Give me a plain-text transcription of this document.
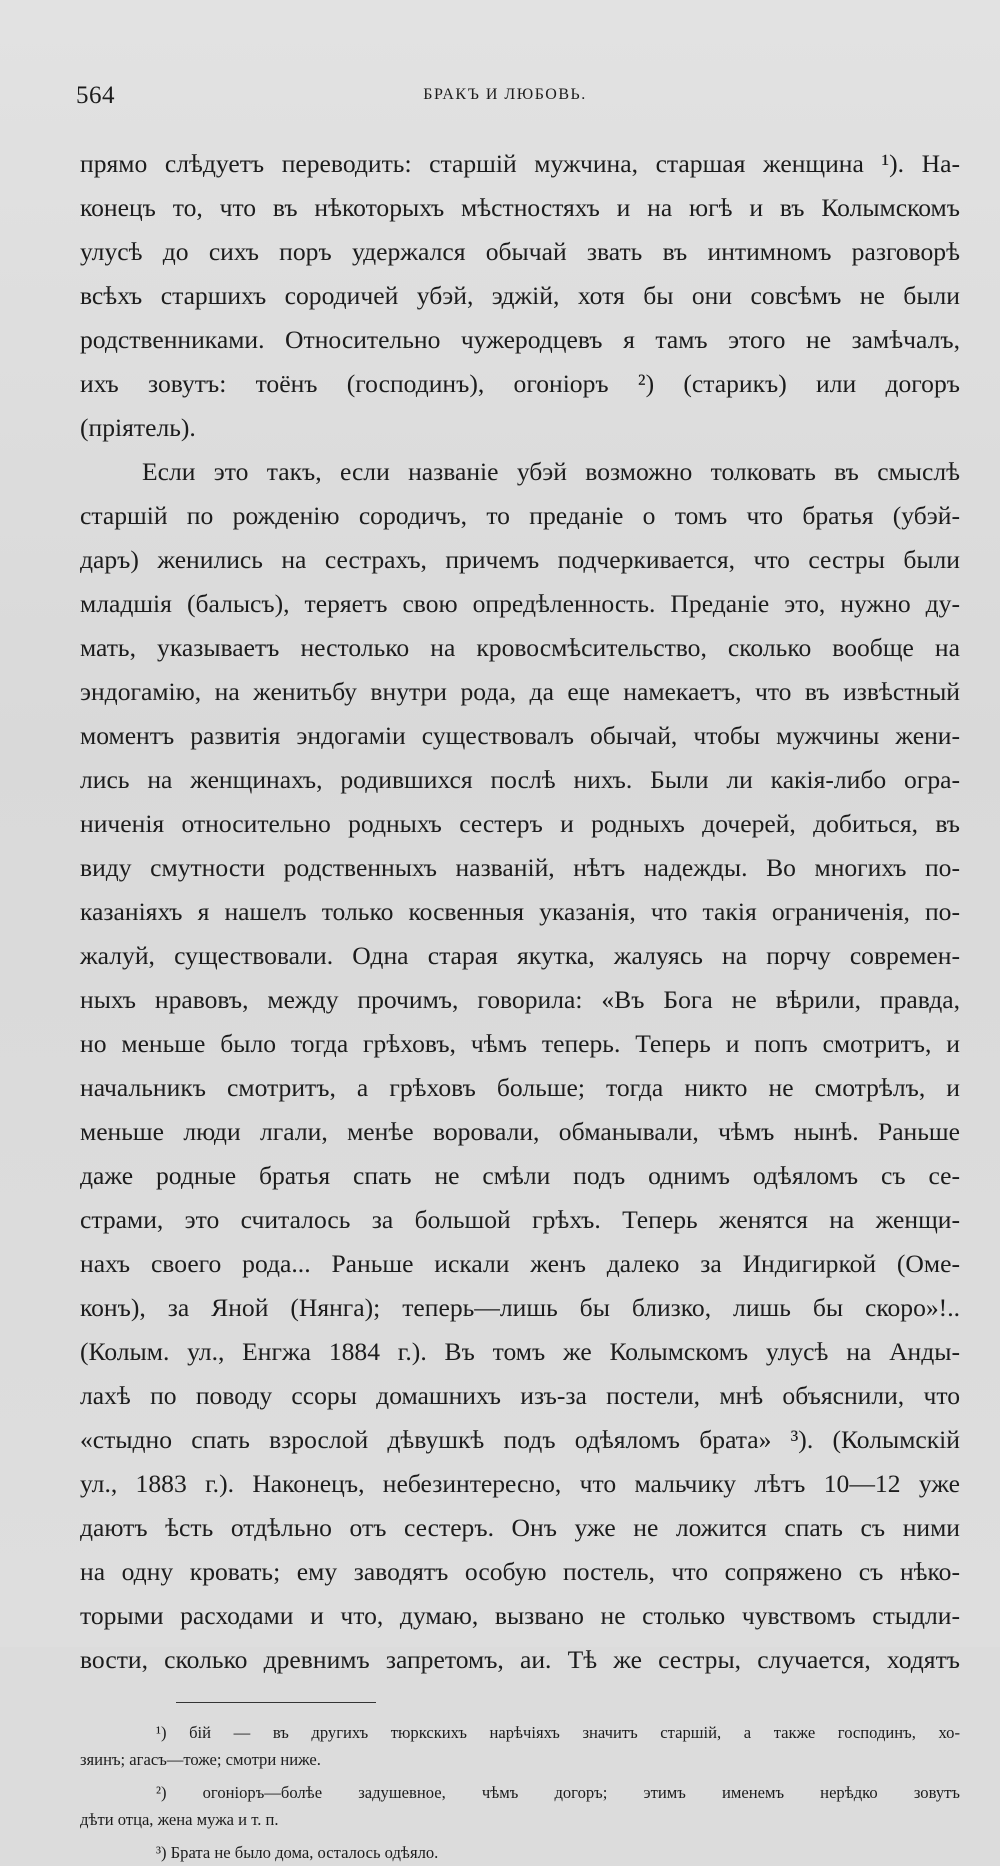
564	БРАКЪ И ЛЮБОВЬ.

прямо слѣдуетъ переводить: старшій мужчина, старшая женщина ¹). На-
конецъ то, что въ нѣкоторыхъ мѣстностяхъ и на югѣ и въ Колымскомъ
улусѣ до сихъ поръ удержался обычай звать въ интимномъ разговорѣ
всѣхъ старшихъ сородичей убэй, эджій, хотя бы они совсѣмъ не были
родственниками. Относительно чужеродцевъ я тамъ этого не замѣчалъ,
ихъ зовутъ: тоёнъ (господинъ), огоніоръ ²) (старикъ) или догоръ
(пріятель).

Если это такъ, если названіе убэй возможно толковать въ смыслѣ
старшій по рожденію сородичъ, то преданіе о томъ что братья (убэй-
даръ) женились на сестрахъ, причемъ подчеркивается, что сестры были
младшія (балысъ), теряетъ свою опредѣленность. Преданіе это, нужно ду-
мать, указываетъ нестолько на кровосмѣсительство, сколько вообще на
эндогамію, на женитьбу внутри рода, да еще намекаетъ, что въ извѣстный
моментъ развитія эндогаміи существовалъ обычай, чтобы мужчины жени-
лись на женщинахъ, родившихся послѣ нихъ. Были ли какія-либо огра-
ниченія относительно родныхъ сестеръ и родныхъ дочерей, добиться, въ
виду смутности родственныхъ названій, нѣтъ надежды. Во многихъ по-
казаніяхъ я нашелъ только косвенныя указанія, что такія ограниченія, по-
жалуй, существовали. Одна старая якутка, жалуясь на порчу современ-
ныхъ нравовъ, между прочимъ, говорила: «Въ Бога не вѣрили, правда,
но меньше было тогда грѣховъ, чѣмъ теперь. Теперь и попъ смотритъ, и
начальникъ смотритъ, а грѣховъ больше; тогда никто не смотрѣлъ, и
меньше люди лгали, менѣе воровали, обманывали, чѣмъ нынѣ. Раньше
даже родные братья спать не смѣли подъ однимъ одѣяломъ съ се-
страми, это считалось за большой грѣхъ. Теперь женятся на женщи-
нахъ своего рода... Раньше искали женъ далеко за Индигиркой (Оме-
конъ), за Яной (Нянга); теперь—лишь бы близко, лишь бы скоро»!..
(Колым. ул., Енгжа 1884 г.). Въ томъ же Колымскомъ улусѣ на Анды-
лахѣ по поводу ссоры домашнихъ изъ-за постели, мнѣ объяснили, что
«стыдно спать взрослой дѣвушкѣ подъ одѣяломъ брата» ³). (Колымскій
ул., 1883 г.). Наконецъ, небезинтересно, что мальчику лѣтъ 10—12 уже
даютъ ѣсть отдѣльно отъ сестеръ. Онъ уже не ложится спать съ ними
на одну кровать; ему заводятъ особую постель, что сопряжено съ нѣко-
торыми расходами и что, думаю, вызвано не столько чувствомъ стыдли-
вости, сколько древнимъ запретомъ, аи. Тѣ же сестры, случается, ходятъ

¹) бій — въ другихъ тюркскихъ нарѣчіяхъ значитъ старшій, а также господинъ, хо-
зяинъ; агасъ—тоже; смотри ниже.
²) огоніоръ—болѣе задушевное, чѣмъ догоръ; этимъ именемъ нерѣдко зовутъ
дѣти отца, жена мужа и т. п.
³) Брата не было дома, осталось одѣяло.
